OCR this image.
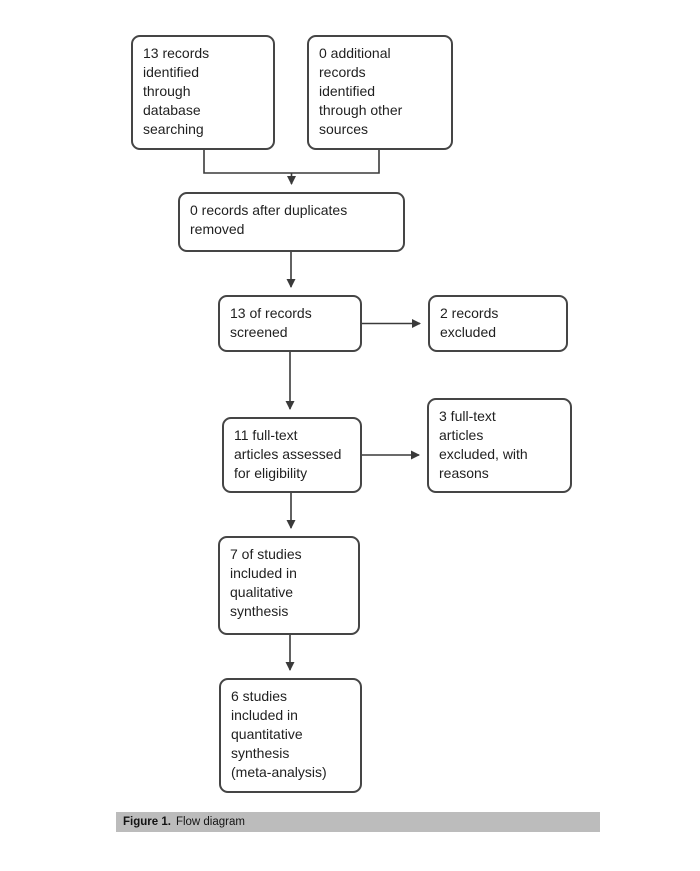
13 records identified through database searching
0 additional records identified through other sources
0 records after duplicates removed
13 of records screened
2 records excluded
11 full-text articles assessed for eligibility
3 full-text articles excluded, with reasons
7 of studies included in qualitative synthesis
6 studies included in quantitative synthesis (meta-analysis)
Figure 1. Flow diagram
